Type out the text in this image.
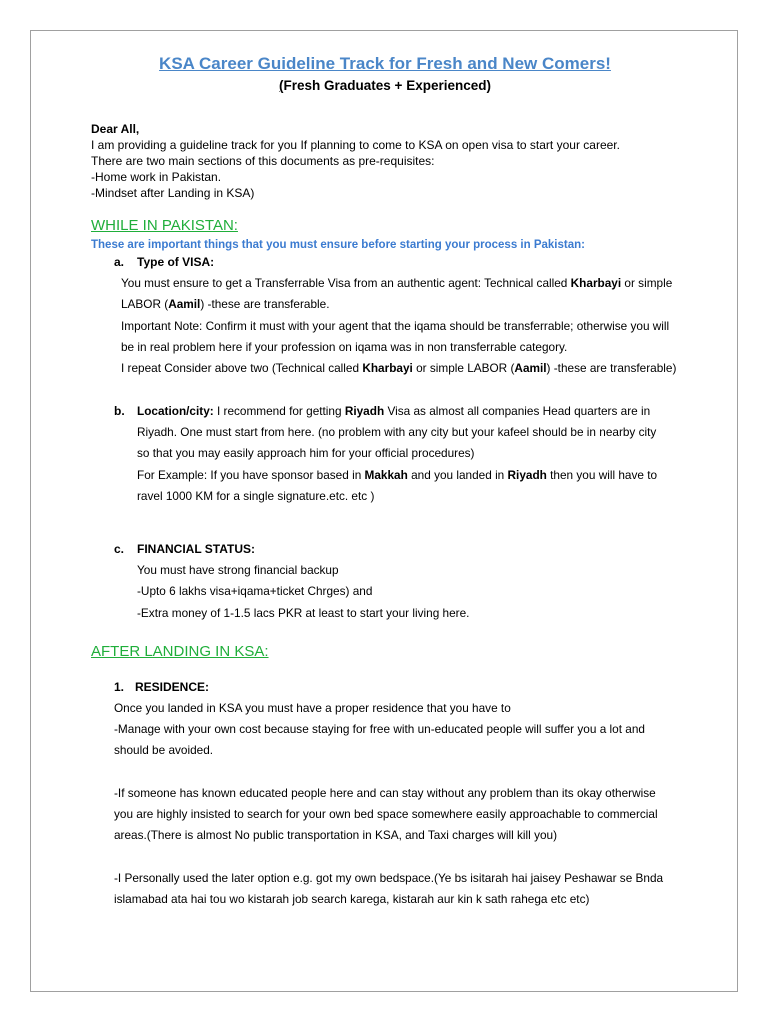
KSA Career Guideline Track for Fresh and New Comers!
(Fresh Graduates + Experienced)
Dear All,
I am providing a guideline track for you If planning to come to KSA on open visa to start your career.
There are two main sections of this documents as pre-requisites:
-Home work in Pakistan.
-Mindset after Landing in KSA)
WHILE IN PAKISTAN:
These are important things that you must ensure before starting your process in Pakistan:
a. Type of VISA:
You must ensure to get a Transferrable Visa from an authentic agent: Technical called Kharbayi or simple
LABOR (Aamil) -these are transferable.
Important Note: Confirm it must with your agent that the iqama should be transferrable; otherwise you will
be in real problem here if your profession on iqama was in non transferrable category.
I repeat Consider above two (Technical called Kharbayi or simple LABOR (Aamil) -these are transferable)
b. Location/city: I recommend for getting Riyadh Visa as almost all companies Head quarters are in
Riyadh. One must start from here. (no problem with any city but your kafeel should be in nearby city
so that you may easily approach him for your official procedures)
For Example: If you have sponsor based in Makkah and you landed in Riyadh then you will have to
ravel 1000 KM for a single signature.etc. etc )
c. FINANCIAL STATUS:
You must have strong financial backup
-Upto 6 lakhs visa+iqama+ticket Chrges) and
-Extra money of 1-1.5 lacs PKR at least to start your living here.
AFTER LANDING IN KSA:
1. RESIDENCE:
Once you landed in KSA you must have a proper residence that you have to
-Manage with your own cost because staying for free with un-educated people will suffer you a lot and
should be avoided.
-If someone has known educated people here and can stay without any problem than its okay otherwise
you are highly insisted to search for your own bed space somewhere easily approachable to commercial
areas.(There is almost No public transportation in KSA, and Taxi charges will kill you)
-I Personally used the later option e.g. got my own bedspace.(Ye bs isitarah hai jaisey Peshawar se Bnda
islamabad ata hai tou wo kistarah job search karega, kistarah aur kin k sath rahega etc etc)
